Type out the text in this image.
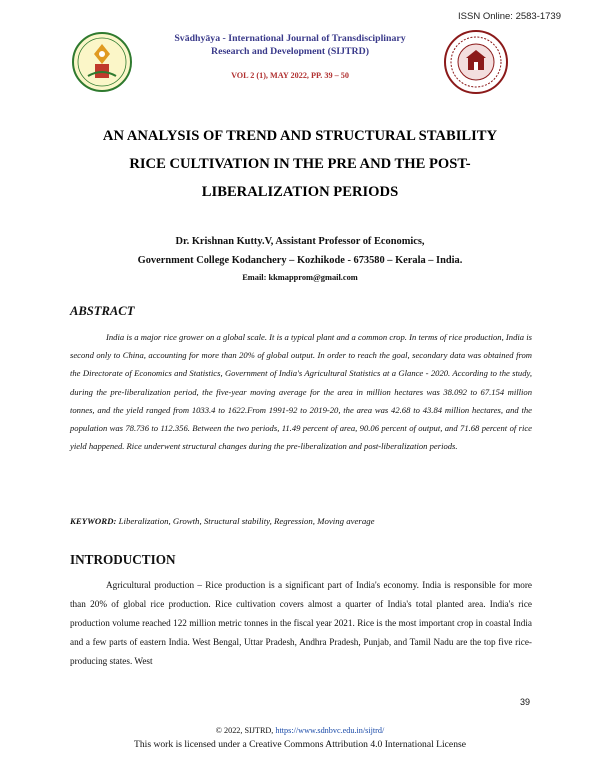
ISSN Online: 2583-1739
Svādhyāya - International Journal of Transdisciplinary
Research and Development (SIJTRD)
VOL 2 (1), MAY 2022, PP. 39 – 50
AN ANALYSIS OF TREND AND STRUCTURAL STABILITY
RICE CULTIVATION IN THE PRE AND THE POST-
LIBERALIZATION PERIODS
Dr. Krishnan Kutty.V, Assistant Professor of Economics,
Government College Kodanchery – Kozhikode - 673580 – Kerala – India.
Email: kkmapprom@gmail.com
ABSTRACT

India is a major rice grower on a global scale. It is a typical plant and a common crop. In terms of rice production, India is second only to China, accounting for more than 20% of global output. In order to reach the goal, secondary data was obtained from the Directorate of Economics and Statistics, Government of India's Agricultural Statistics at a Glance - 2020. According to the study, during the pre-liberalization period, the five-year moving average for the area in million hectares was 38.092 to 67.154 million tonnes, and the yield ranged from 1033.4 to 1622.From 1991-92 to 2019-20, the area was 42.68 to 43.84 million hectares, and the population was 78.736 to 112.356. Between the two periods, 11.49 percent of area, 90.06 percent of output, and 71.68 percent of rice yield happened. Rice underwent structural changes during the pre-liberalization and post-liberalization periods.

KEYWORD: Liberalization, Growth, Structural stability, Regression, Moving average
INTRODUCTION

Agricultural production – Rice production is a significant part of India's economy. India is responsible for more than 20% of global rice production. Rice cultivation covers almost a quarter of India's total planted area. India's rice production volume reached 122 million metric tonnes in the fiscal year 2021. Rice is the most important crop in coastal India and a few parts of eastern India. West Bengal, Uttar Pradesh, Andhra Pradesh, Punjab, and Tamil Nadu are the top five rice-producing states. West

39
© 2022, SIJTRD, https://www.sdnbvc.edu.in/sijtrd/
This work is licensed under a Creative Commons Attribution 4.0 International License
